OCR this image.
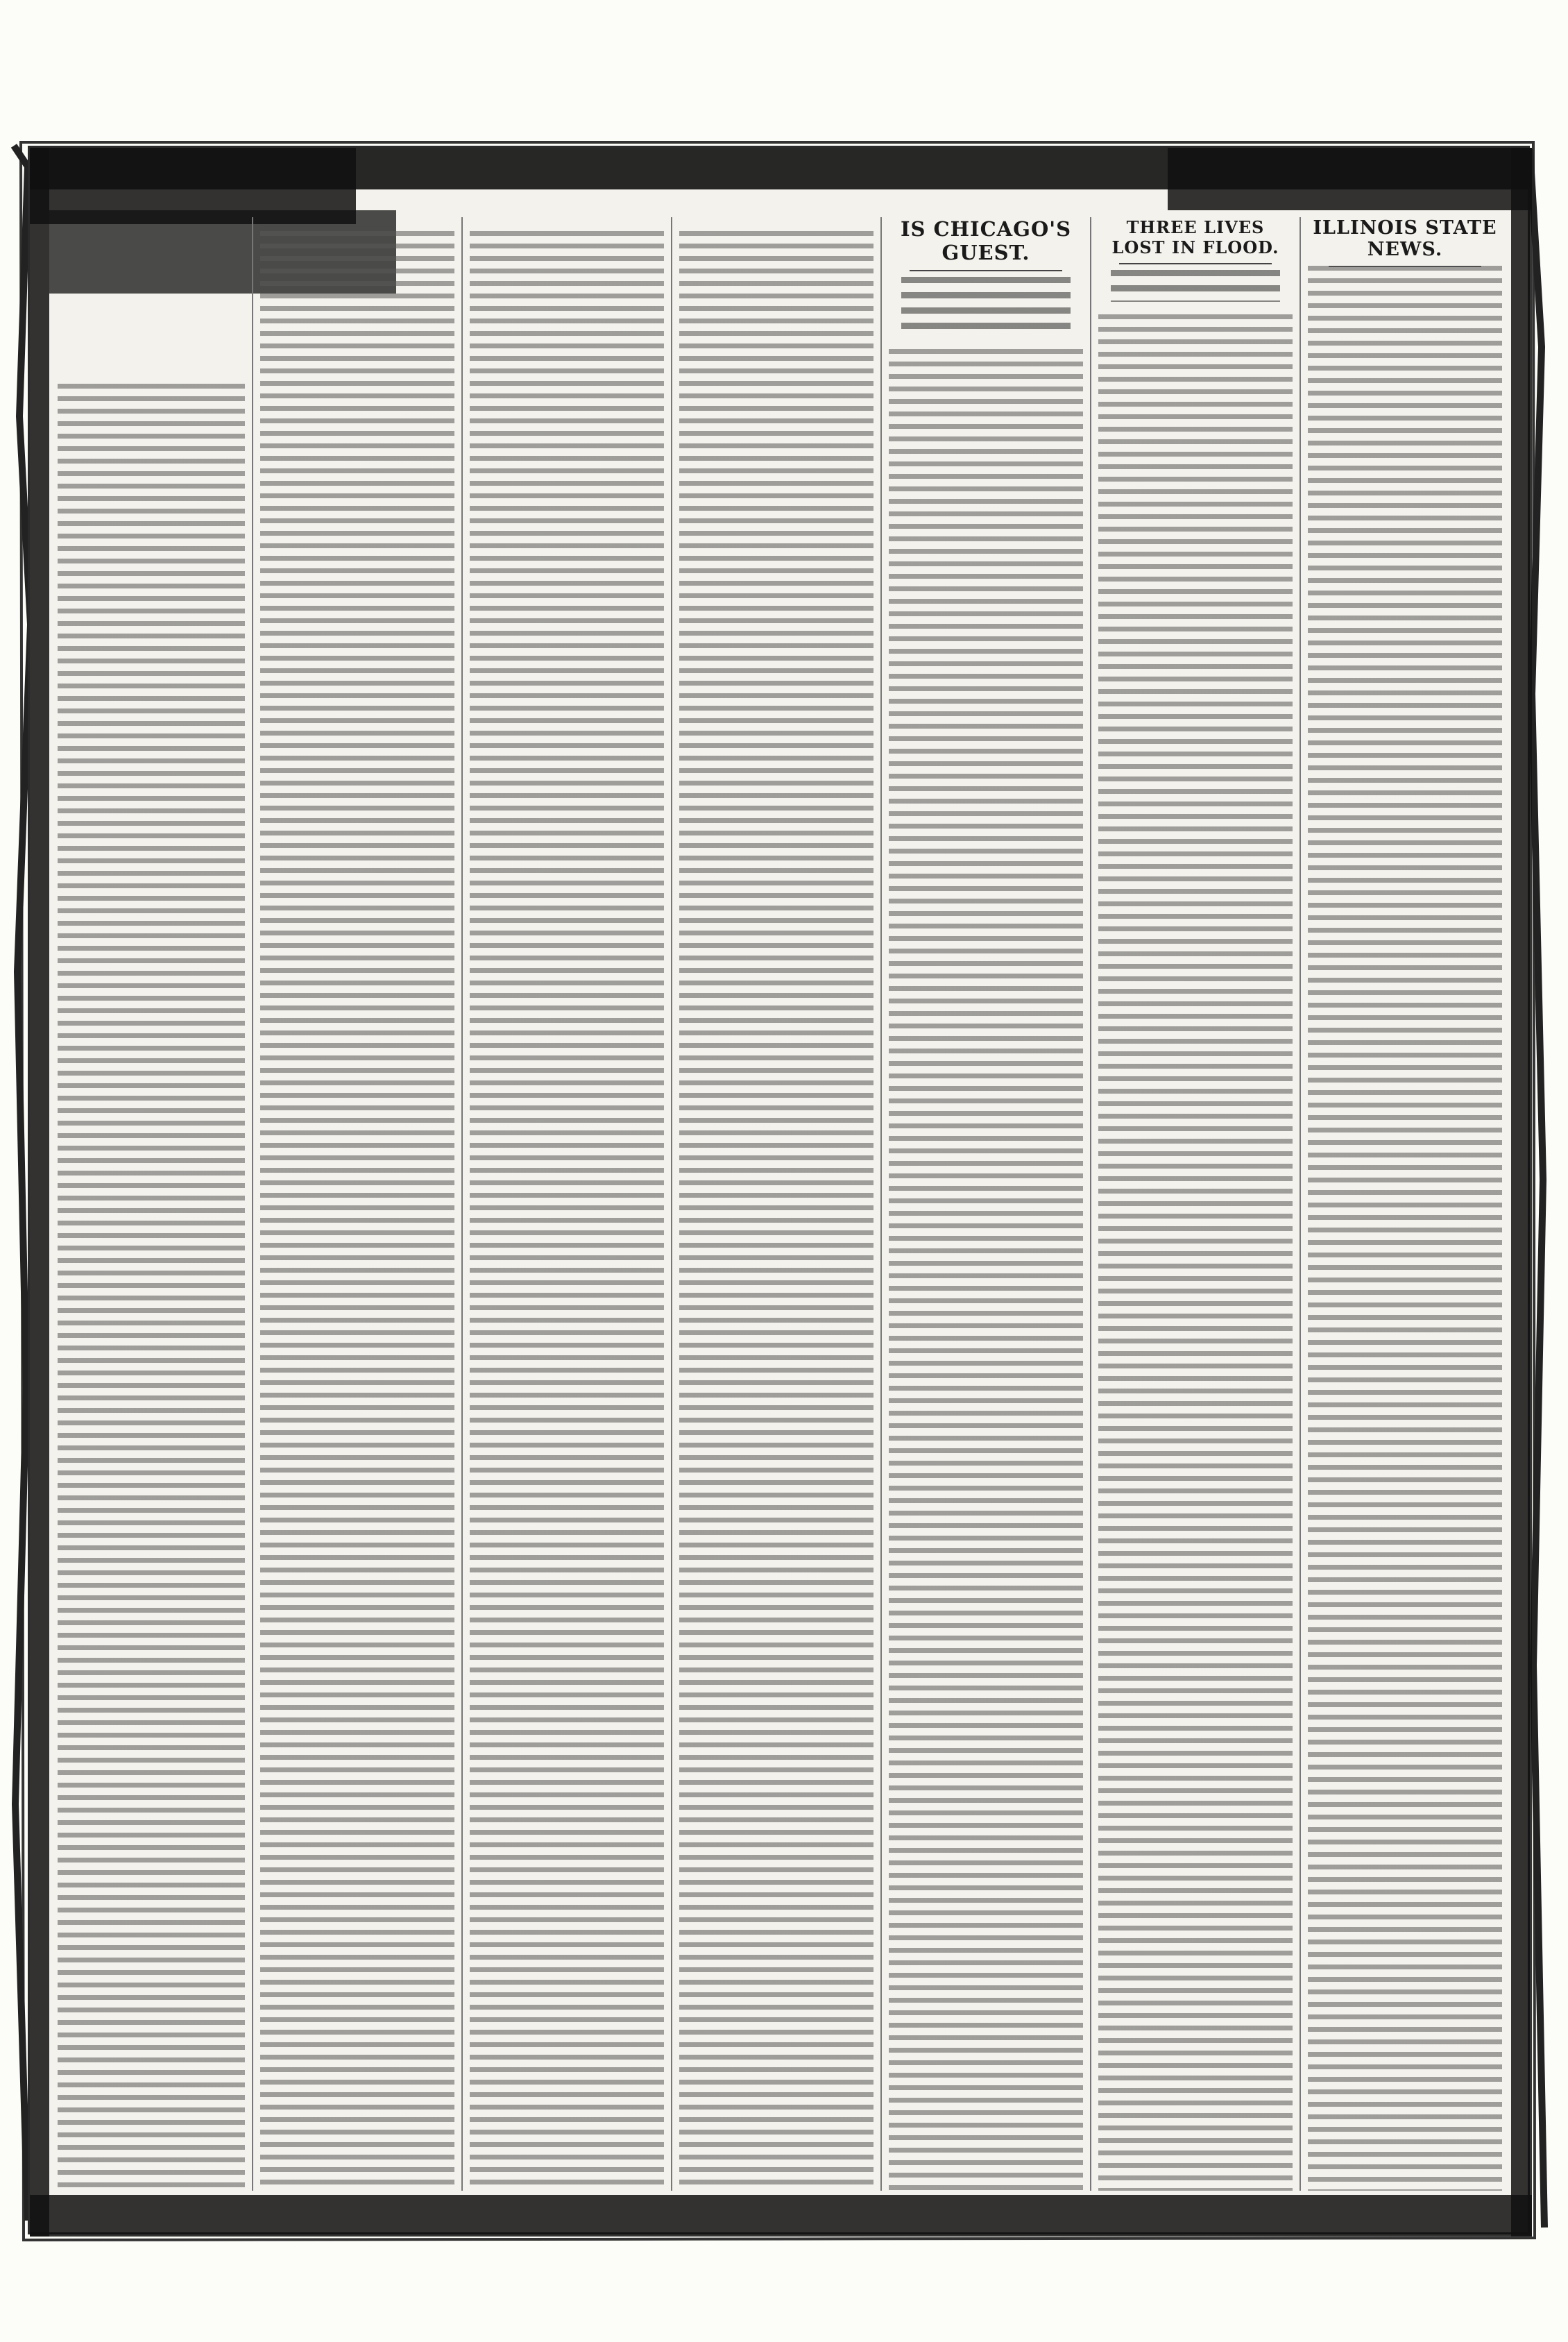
IS CHICAGO'S GUEST.
THREE LIVES LOST IN FLOOD.
ILLINOIS STATE NEWS.
